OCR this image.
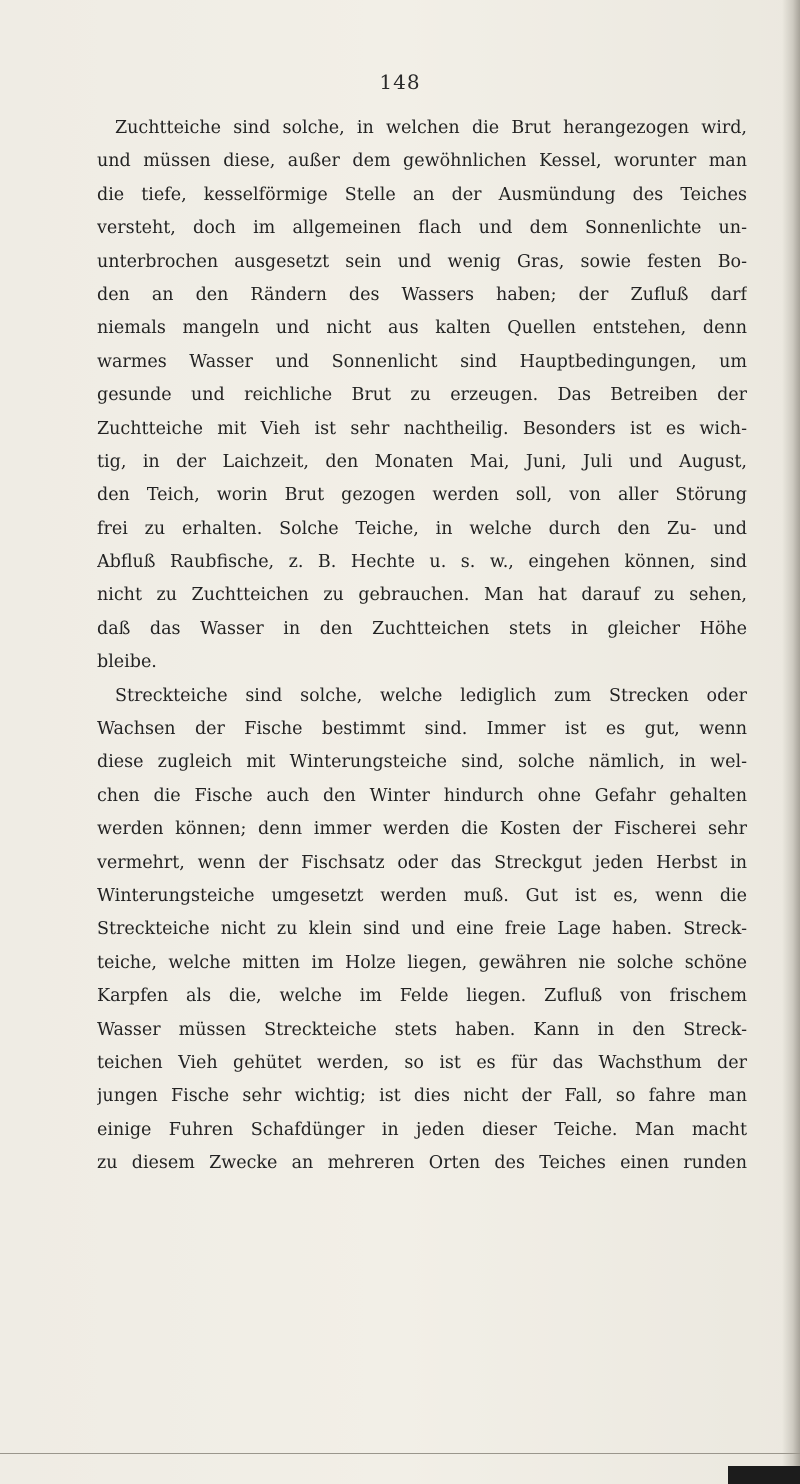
148
Zuchtteiche sind solche, in welchen die Brut herangezogen wird,
und müssen diese, außer dem gewöhnlichen Kessel, worunter man
die tiefe, kesselförmige Stelle an der Ausmündung des Teiches
versteht, doch im allgemeinen flach und dem Sonnenlichte un-
unterbrochen ausgesetzt sein und wenig Gras, sowie festen Bo-
den an den Rändern des Wassers haben; der Zufluß darf
niemals mangeln und nicht aus kalten Quellen entstehen, denn
warmes Wasser und Sonnenlicht sind Hauptbedingungen, um
gesunde und reichliche Brut zu erzeugen. Das Betreiben der
Zuchtteiche mit Vieh ist sehr nachtheilig. Besonders ist es wich-
tig, in der Laichzeit, den Monaten Mai, Juni, Juli und August,
den Teich, worin Brut gezogen werden soll, von aller Störung
frei zu erhalten. Solche Teiche, in welche durch den Zu- und
Abfluß Raubfische, z. B. Hechte u. s. w., eingehen können, sind
nicht zu Zuchtteichen zu gebrauchen. Man hat darauf zu sehen,
daß das Wasser in den Zuchtteichen stets in gleicher Höhe
bleibe.
Streckteiche sind solche, welche lediglich zum Strecken oder
Wachsen der Fische bestimmt sind. Immer ist es gut, wenn
diese zugleich mit Winterungsteiche sind, solche nämlich, in wel-
chen die Fische auch den Winter hindurch ohne Gefahr gehalten
werden können; denn immer werden die Kosten der Fischerei sehr
vermehrt, wenn der Fischsatz oder das Streckgut jeden Herbst in
Winterungsteiche umgesetzt werden muß. Gut ist es, wenn die
Streckteiche nicht zu klein sind und eine freie Lage haben. Streck-
teiche, welche mitten im Holze liegen, gewähren nie solche schöne
Karpfen als die, welche im Felde liegen. Zufluß von frischem
Wasser müssen Streckteiche stets haben. Kann in den Streck-
teichen Vieh gehütet werden, so ist es für das Wachsthum der
jungen Fische sehr wichtig; ist dies nicht der Fall, so fahre man
einige Fuhren Schafdünger in jeden dieser Teiche. Man macht
zu diesem Zwecke an mehreren Orten des Teiches einen runden
